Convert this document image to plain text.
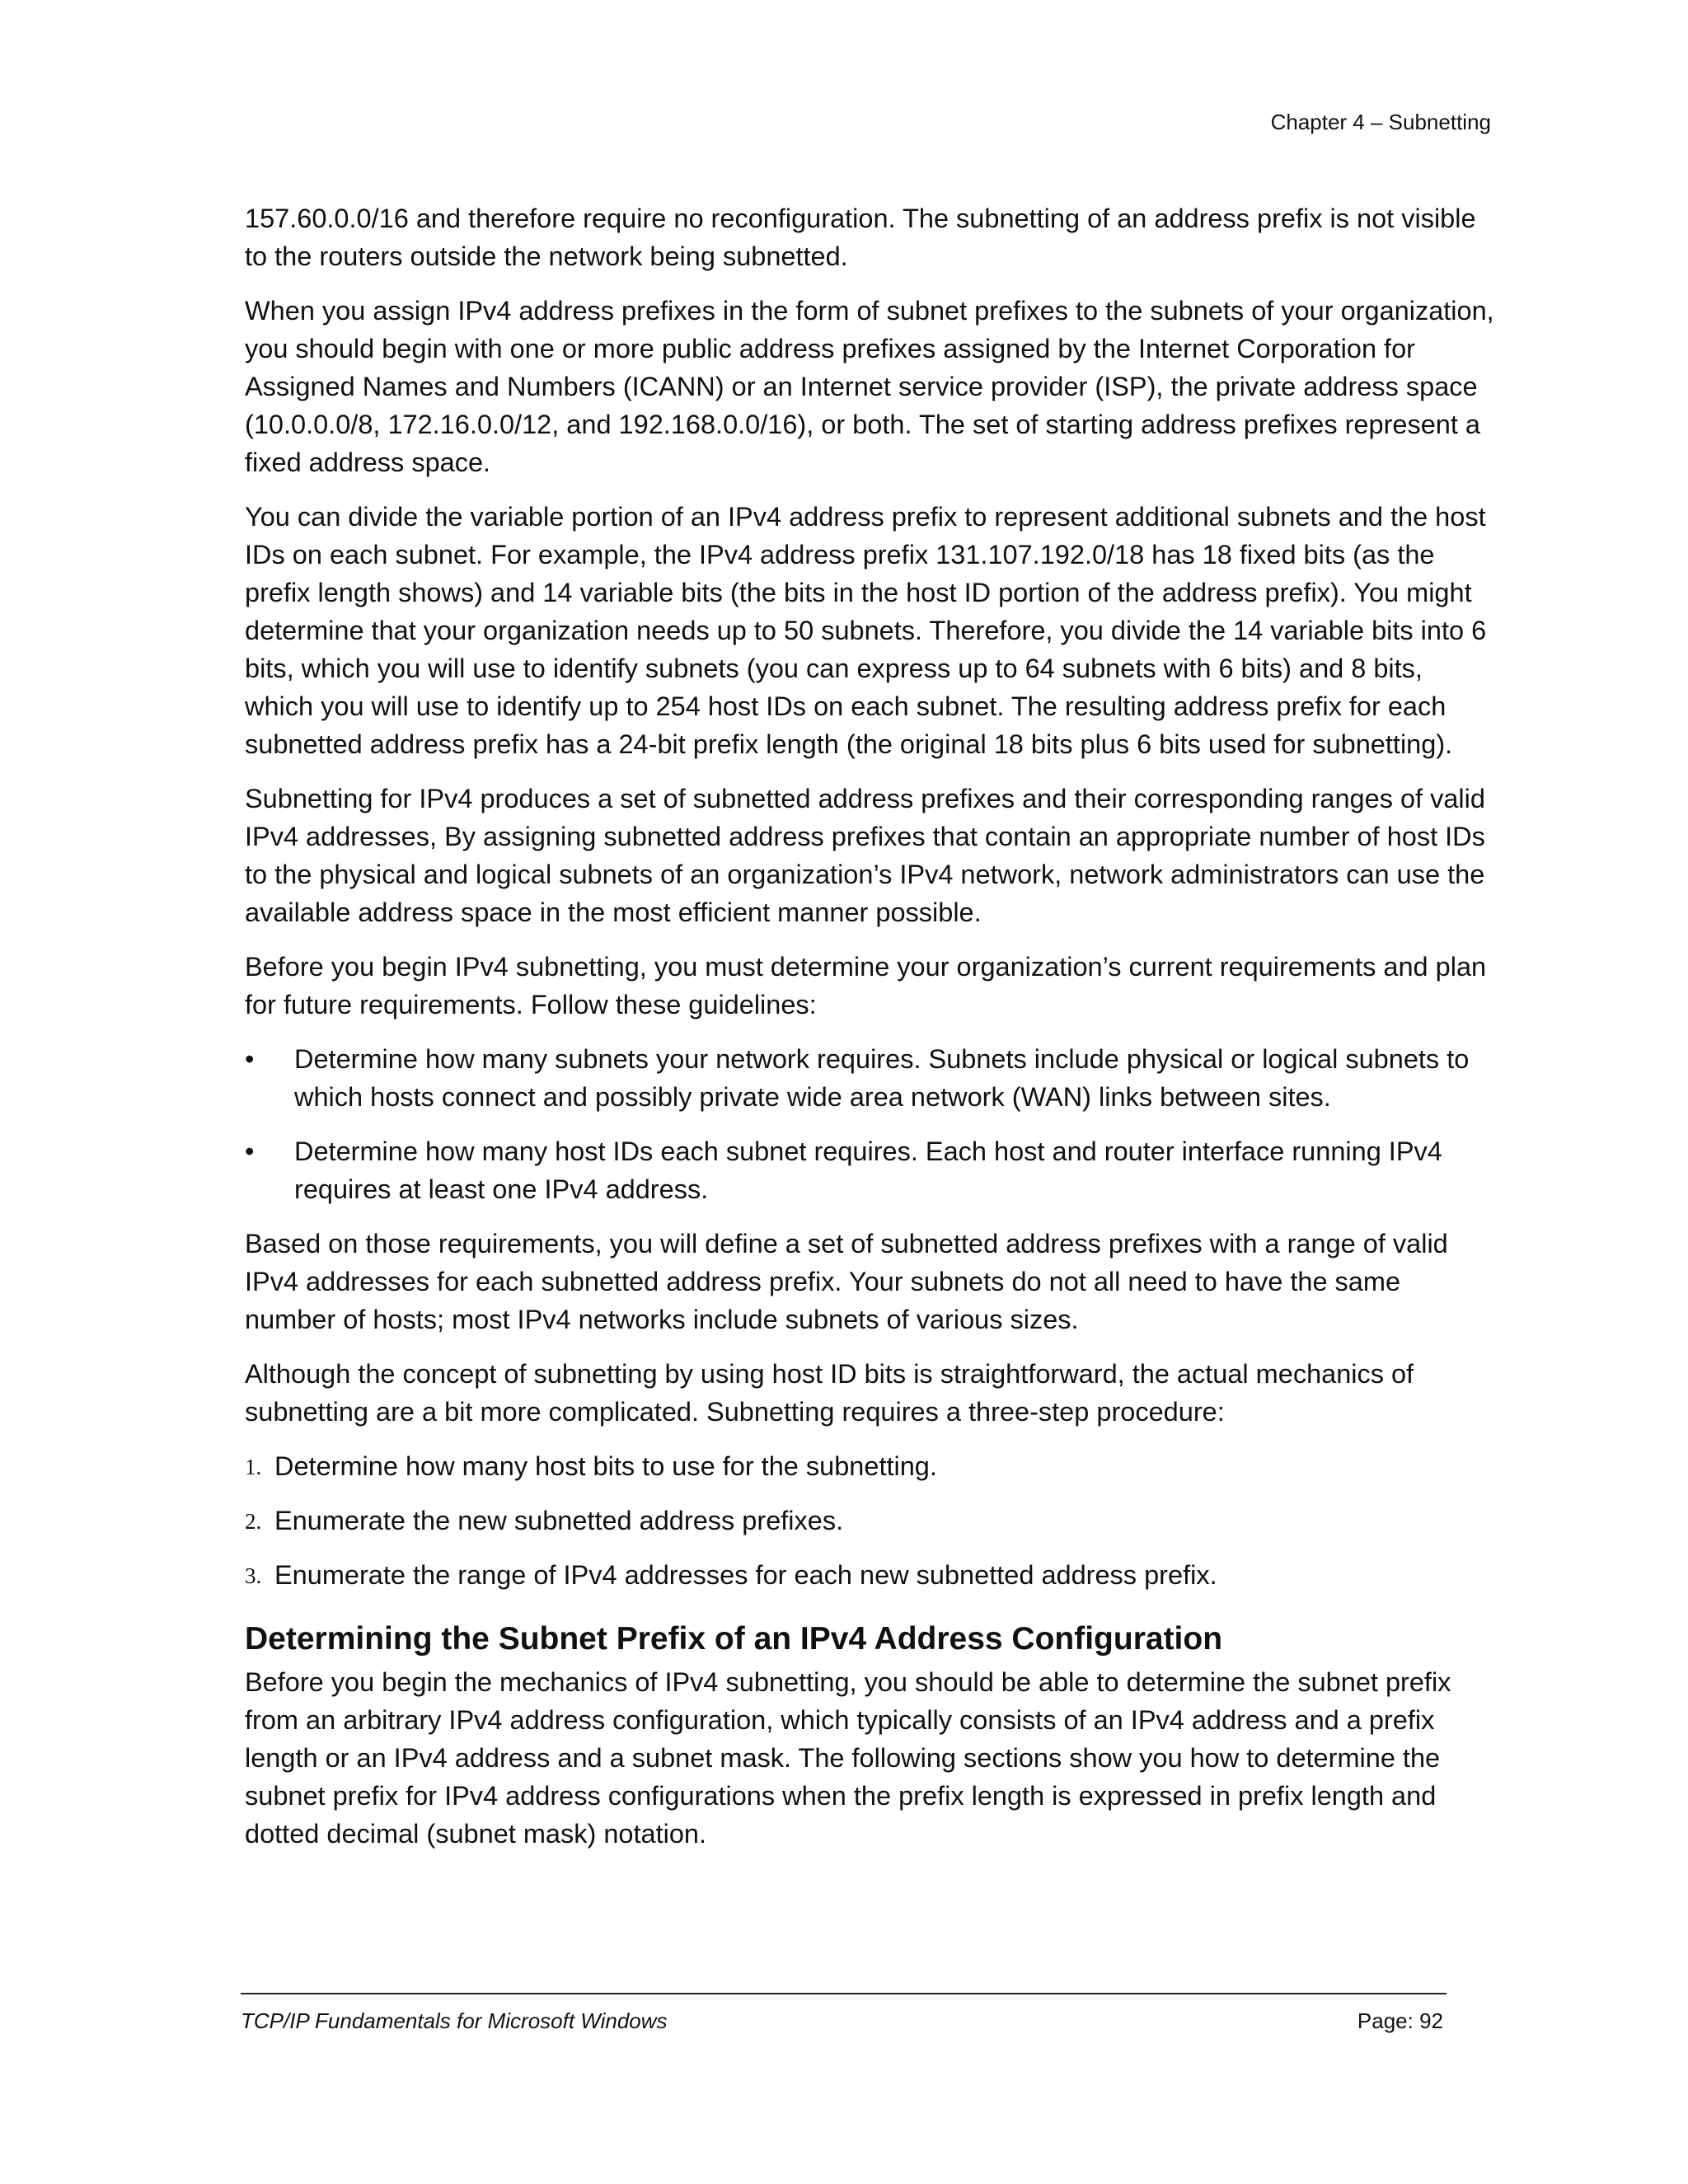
Chapter 4 – Subnetting

157.60.0.0/16 and therefore require no reconfiguration. The subnetting of an address prefix is not visible to the routers outside the network being subnetted.

When you assign IPv4 address prefixes in the form of subnet prefixes to the subnets of your organization, you should begin with one or more public address prefixes assigned by the Internet Corporation for Assigned Names and Numbers (ICANN) or an Internet service provider (ISP), the private address space (10.0.0.0/8, 172.16.0.0/12, and 192.168.0.0/16), or both. The set of starting address prefixes represent a fixed address space.

You can divide the variable portion of an IPv4 address prefix to represent additional subnets and the host IDs on each subnet. For example, the IPv4 address prefix 131.107.192.0/18 has 18 fixed bits (as the prefix length shows) and 14 variable bits (the bits in the host ID portion of the address prefix). You might determine that your organization needs up to 50 subnets. Therefore, you divide the 14 variable bits into 6 bits, which you will use to identify subnets (you can express up to 64 subnets with 6 bits) and 8 bits, which you will use to identify up to 254 host IDs on each subnet. The resulting address prefix for each subnetted address prefix has a 24-bit prefix length (the original 18 bits plus 6 bits used for subnetting).

Subnetting for IPv4 produces a set of subnetted address prefixes and their corresponding ranges of valid IPv4 addresses, By assigning subnetted address prefixes that contain an appropriate number of host IDs to the physical and logical subnets of an organization’s IPv4 network, network administrators can use the available address space in the most efficient manner possible.

Before you begin IPv4 subnetting, you must determine your organization’s current requirements and plan for future requirements. Follow these guidelines:

•	Determine how many subnets your network requires. Subnets include physical or logical subnets to which hosts connect and possibly private wide area network (WAN) links between sites.
•	Determine how many host IDs each subnet requires. Each host and router interface running IPv4 requires at least one IPv4 address.

Based on those requirements, you will define a set of subnetted address prefixes with a range of valid IPv4 addresses for each subnetted address prefix. Your subnets do not all need to have the same number of hosts; most IPv4 networks include subnets of various sizes.

Although the concept of subnetting by using host ID bits is straightforward, the actual mechanics of subnetting are a bit more complicated. Subnetting requires a three-step procedure:

1. Determine how many host bits to use for the subnetting.
2. Enumerate the new subnetted address prefixes.
3. Enumerate the range of IPv4 addresses for each new subnetted address prefix.
Determining the Subnet Prefix of an IPv4 Address Configuration

Before you begin the mechanics of IPv4 subnetting, you should be able to determine the subnet prefix from an arbitrary IPv4 address configuration, which typically consists of an IPv4 address and a prefix length or an IPv4 address and a subnet mask. The following sections show you how to determine the subnet prefix for IPv4 address configurations when the prefix length is expressed in prefix length and dotted decimal (subnet mask) notation.

TCP/IP Fundamentals for Microsoft Windows	Page: 92
